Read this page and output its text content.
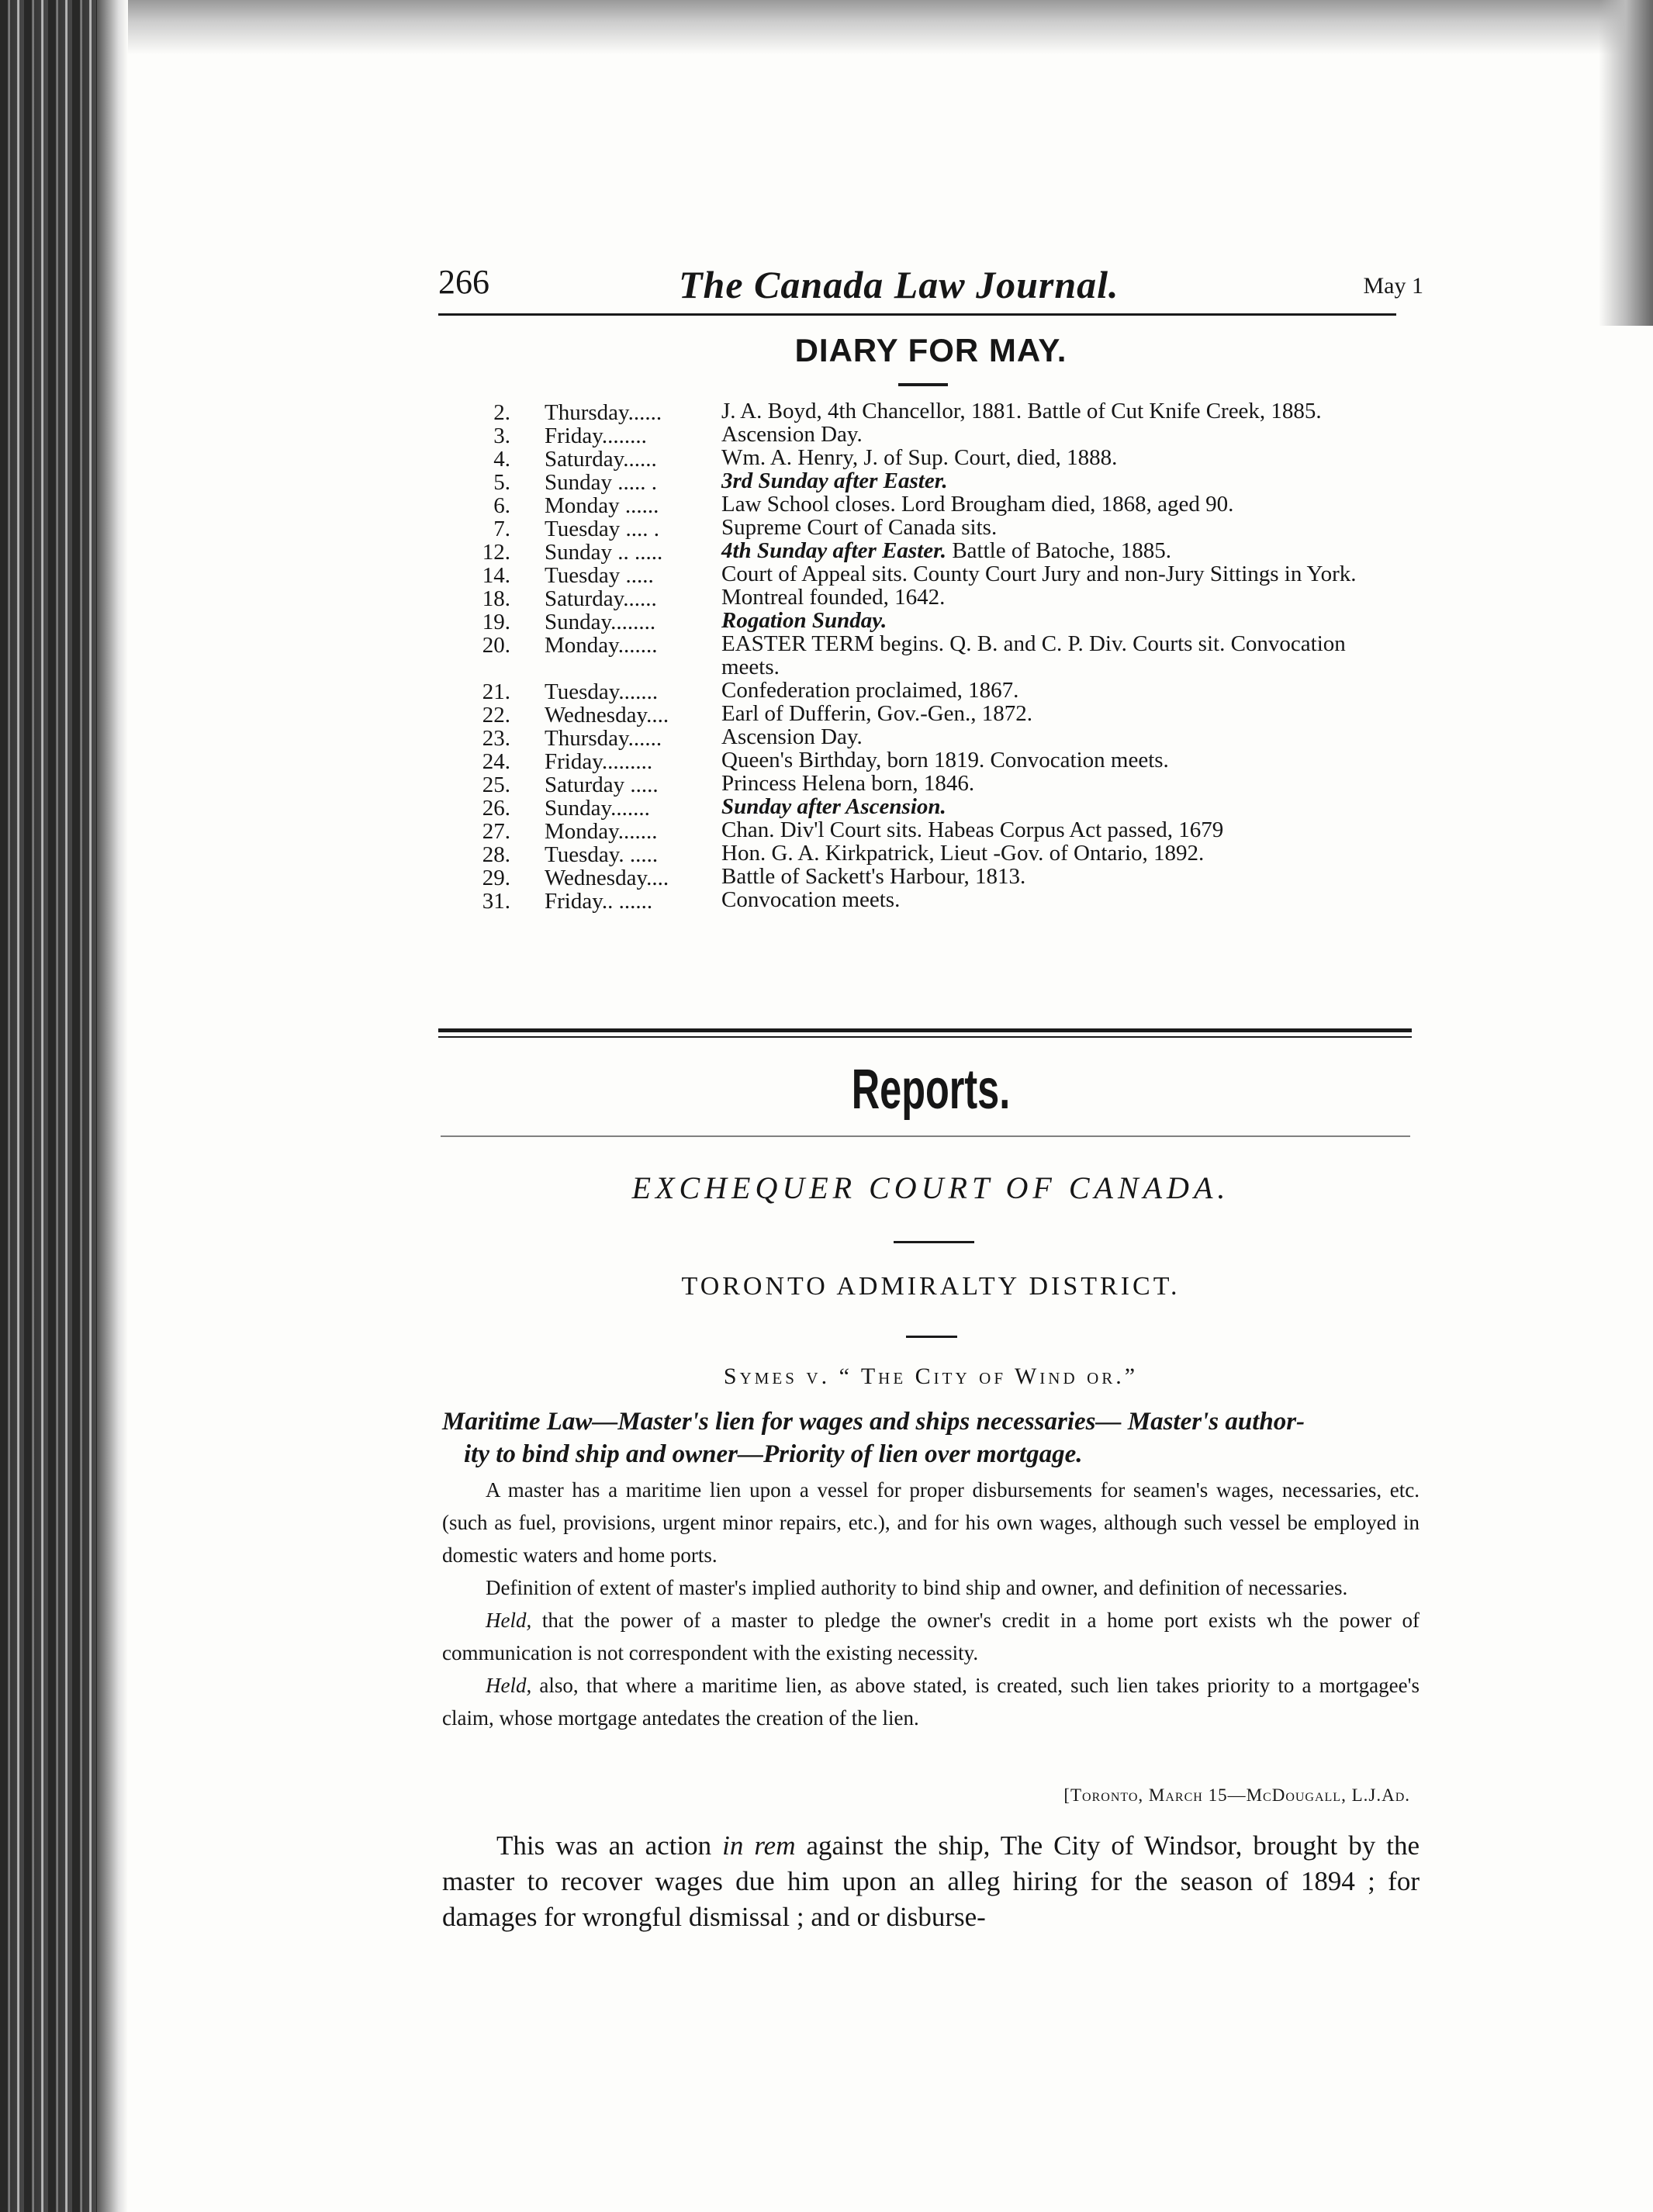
266	The Canada Law Journal.	May 1
DIARY FOR MAY.
2. Thursday......	J. A. Boyd, 4th Chancellor, 1881. Battle of Cut Knife Creek, 1885.
3. Friday........	Ascension Day.
4. Saturday......	Wm. A. Henry, J. of Sup. Court, died, 1888.
5. Sunday ..... .	3rd Sunday after Easter.
6. Monday ......	Law School closes. Lord Brougham died, 1868, aged 90.
7. Tuesday .... .	Supreme Court of Canada sits.
12. Sunday .. .....	4th Sunday after Easter. Battle of Batoche, 1885.
14. Tuesday .....	Court of Appeal sits. County Court Jury and non-Jury Sittings in York.
18. Saturday......	Montreal founded, 1642.
19. Sunday........	Rogation Sunday.
20. Monday.......	EASTER TERM begins. Q. B. and C. P. Div. Courts sit. Convocation meets.
21. Tuesday.......	Confederation proclaimed, 1867.
22. Wednesday.... Earl of Dufferin, Gov.-Gen., 1872.
23. Thursday......	Ascension Day.
24. Friday.........	Queen's Birthday, born 1819. Convocation meets.
25. Saturday .....	Princess Helena born, 1846.
26. Sunday.......	Sunday after Ascension.
27. Monday.......	Chan. Div'l Court sits. Habeas Corpus Act passed, 1679
28. Tuesday. .....	Hon. G. A. Kirkpatrick, Lieut -Gov. of Ontario, 1892.
29. Wednesday.... Battle of Sackett's Harbour, 1813.
31. Friday.. ......	Convocation meets.
Reports.
EXCHEQUER COURT OF CANADA.
TORONTO ADMIRALTY DISTRICT.
Symes v. “ The City of Wind or.”
Maritime Law—Master's lien for wages and ships necessaries— Master's author-
ity to bind ship and owner—Priority of lien over mortgage.

A master has a maritime lien upon a vessel for proper disbursements for seamen's wages, necessaries, etc. (such as fuel, provisions, urgent minor repairs, etc.), and for his own wages, although such vessel be employed in domestic waters and home ports.

Definition of extent of master's implied authority to bind ship and owner, and definition of necessaries.

Held, that the power of a master to pledge the owner's credit in a home port exists wh the power of communication is not correspondent with the existing necessity.

Held, also, that where a maritime lien, as above stated, is created, such lien takes priority to a mortgagee's claim, whose mortgage antedates the creation of the lien.

[Toronto, March 15—McDougall, L.J.Ad.

This was an action in rem against the ship, The City of Windsor, brought by the master to recover wages due him upon an alleg hiring for the season of 1894 ; for damages for wrongful dismissal ; and or disburse-
